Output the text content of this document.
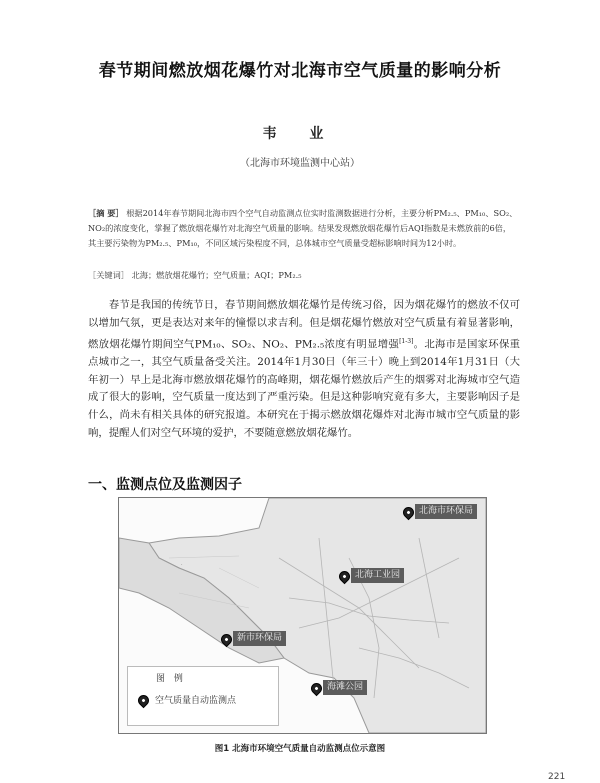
春节期间燃放烟花爆竹对北海市空气质量的影响分析
韦 业
（北海市环境监测中心站）
［摘 要］ 根据2014年春节期间北海市四个空气自动监测点位实时监测数据进行分析，主要分析PM₂.₅、PM₁₀、SO₂、NO₂的浓度变化，掌握了燃放烟花爆竹对北海空气质量的影响。结果发现燃放烟花爆竹后AQI指数是未燃放前的6倍，其主要污染物为PM₂.₅、PM₁₀，不同区域污染程度不同，总体城市空气质量受超标影响时间为12小时。
［关键词］ 北海；燃放烟花爆竹；空气质量；AQI；PM₂.₅
春节是我国的传统节日，春节期间燃放烟花爆竹是传统习俗，因为烟花爆竹的燃放不仅可以增加气氛，更是表达对来年的憧憬以求吉利。但是烟花爆竹燃放对空气质量有着显著影响，燃放烟花爆竹期间空气PM₁₀、SO₂、NO₂、PM₂.₅浓度有明显增强[1-3]。北海市是国家环保重点城市之一，其空气质量备受关注。2014年1月30日（年三十）晚上到2014年1月31日（大年初一）早上是北海市燃放烟花爆竹的高峰期，烟花爆竹燃放后产生的烟雾对北海城市空气造成了很大的影响，空气质量一度达到了严重污染。但是这种影响究竟有多大，主要影响因子是什么，尚未有相关具体的研究报道。本研究在于揭示燃放烟花爆炸对北海市城市空气质量的影响，提醒人们对空气环境的爱护，不要随意燃放烟花爆竹。
一、监测点位及监测因子
·
北海市环保局
北海工业园
新市环保局
海滩公园
图 例
空气质量自动监测点
图1 北海市环境空气质量自动监测点位示意图
221
